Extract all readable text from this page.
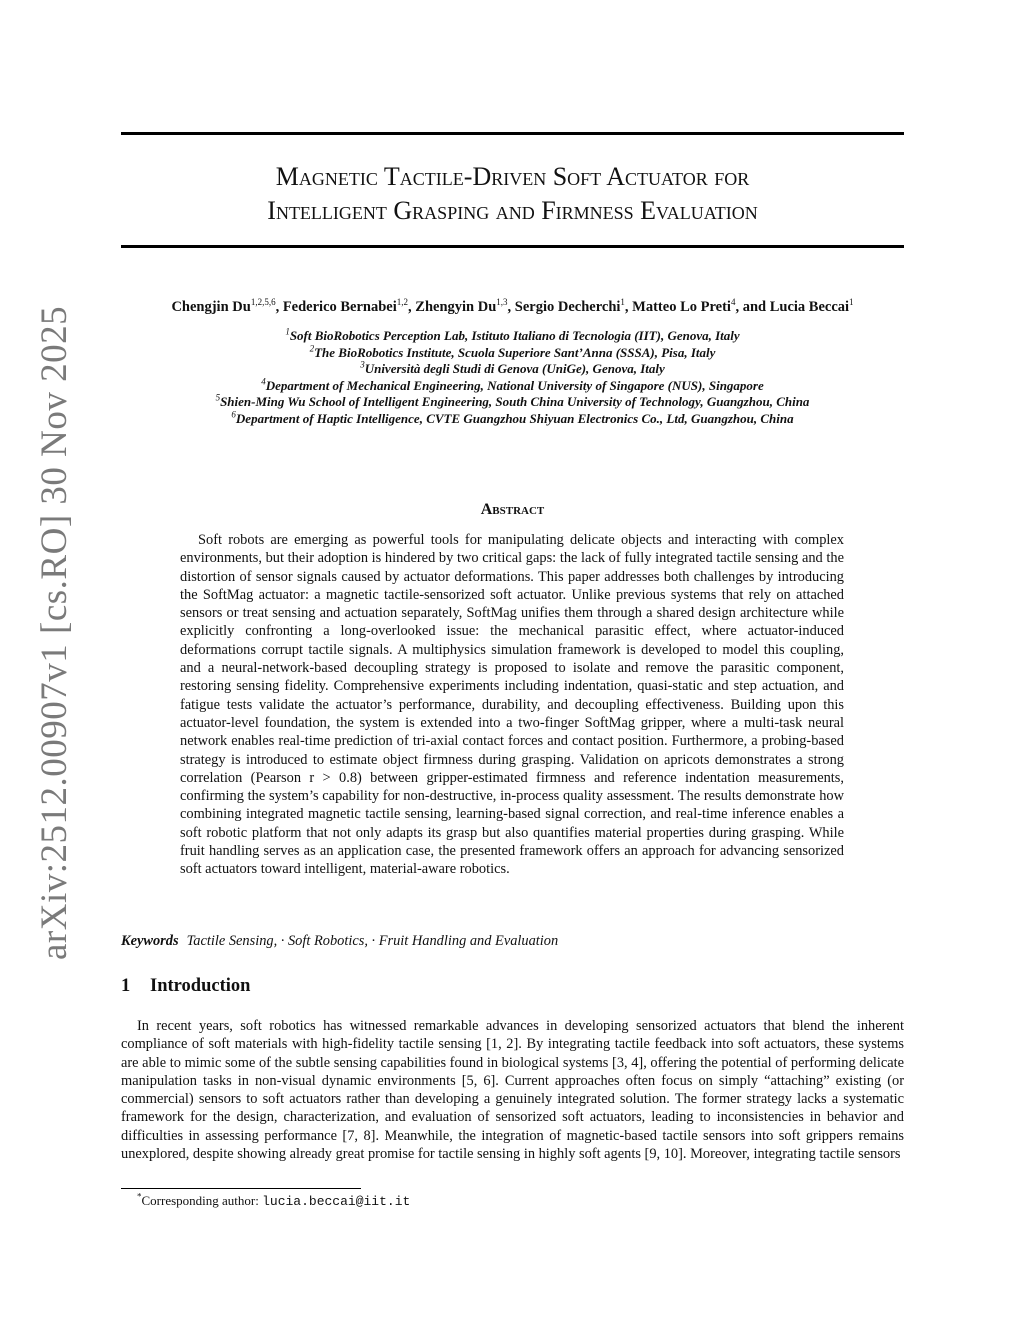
arXiv:2512.00907v1 [cs.RO] 30 Nov 2025
Magnetic Tactile-Driven Soft Actuator for
Intelligent Grasping and Firmness Evaluation
Chengjin Du$^{1,2,5,6}$, Federico Bernabei$^{1,2}$, Zhengyin Du$^{1,3}$, Sergio Decherchi$^1$, Matteo Lo Preti$^4$, and Lucia Beccai$^1$
$^1$Soft BioRobotics Perception Lab, Istituto Italiano di Tecnologia (IIT), Genova, Italy
$^2$The BioRobotics Institute, Scuola Superiore Sant’Anna (SSSA), Pisa, Italy
$^3$Università degli Studi di Genova (UniGe), Genova, Italy
$^4$Department of Mechanical Engineering, National University of Singapore (NUS), Singapore
$^5$Shien-Ming Wu School of Intelligent Engineering, South China University of Technology, Guangzhou, China
$^6$Department of Haptic Intelligence, CVTE Guangzhou Shiyuan Electronics Co., Ltd, Guangzhou, China
Abstract

Soft robots are emerging as powerful tools for manipulating delicate objects and interacting with complex environments, but their adoption is hindered by two critical gaps: the lack of fully integrated tactile sensing and the distortion of sensor signals caused by actuator deformations. This paper addresses both challenges by introducing the SoftMag actuator: a magnetic tactile-sensorized soft actuator. Unlike previous systems that rely on attached sensors or treat sensing and actuation separately, SoftMag unifies them through a shared design architecture while explicitly confronting a long-overlooked issue: the mechanical parasitic effect, where actuator-induced deformations corrupt tactile signals. A multiphysics simulation framework is developed to model this coupling, and a neural-network-based decoupling strategy is proposed to isolate and remove the parasitic component, restoring sensing fidelity. Comprehensive experiments including indentation, quasi-static and step actuation, and fatigue tests validate the actuator’s performance, durability, and decoupling effectiveness. Building upon this actuator-level foundation, the system is extended into a two-finger SoftMag gripper, where a multi-task neural network enables real-time prediction of tri-axial contact forces and contact position. Furthermore, a probing-based strategy is introduced to estimate object firmness during grasping. Validation on apricots demonstrates a strong correlation (Pearson r > 0.8) between gripper-estimated firmness and reference indentation measurements, confirming the system’s capability for non-destructive, in-process quality assessment. The results demonstrate how combining integrated magnetic tactile sensing, learning-based signal correction, and real-time inference enables a soft robotic platform that not only adapts its grasp but also quantifies material properties during grasping. While fruit handling serves as an application case, the presented framework offers an approach for advancing sensorized soft actuators toward intelligent, material-aware robotics.

Keywords Tactile Sensing, · Soft Robotics, · Fruit Handling and Evaluation
1 Introduction

In recent years, soft robotics has witnessed remarkable advances in developing sensorized actuators that blend the inherent compliance of soft materials with high-fidelity tactile sensing [1, 2]. By integrating tactile feedback into soft actuators, these systems are able to mimic some of the subtle sensing capabilities found in biological systems [3, 4], offering the potential of performing delicate manipulation tasks in non-visual dynamic environments [5, 6]. Current approaches often focus on simply “attaching” existing (or commercial) sensors to soft actuators rather than developing a genuinely integrated solution. The former strategy lacks a systematic framework for the design, characterization, and evaluation of sensorized soft actuators, leading to inconsistencies in behavior and difficulties in assessing performance [7, 8]. Meanwhile, the integration of magnetic-based tactile sensors into soft grippers remains unexplored, despite showing already great promise for tactile sensing in highly soft agents [9, 10]. Moreover, integrating tactile sensors

*Corresponding author: lucia.beccai@iit.it
